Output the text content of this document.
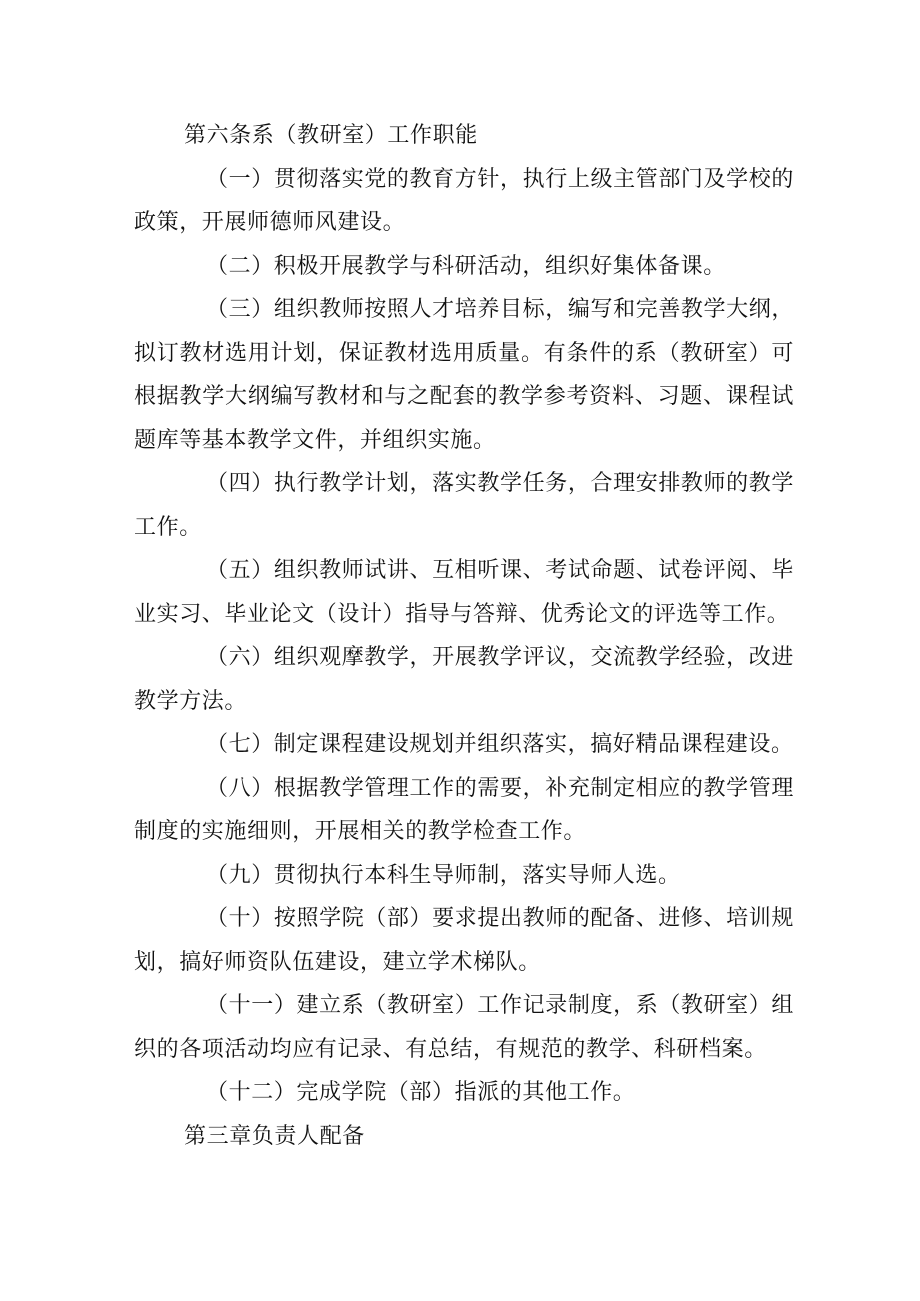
第六条系（教研室）工作职能

（一）贯彻落实党的教育方针，执行上级主管部门及学校的政策，开展师德师风建设。

（二）积极开展教学与科研活动，组织好集体备课。

（三）组织教师按照人才培养目标，编写和完善教学大纲，拟订教材选用计划，保证教材选用质量。有条件的系（教研室）可根据教学大纲编写教材和与之配套的教学参考资料、习题、课程试题库等基本教学文件，并组织实施。

（四）执行教学计划，落实教学任务，合理安排教师的教学工作。

（五）组织教师试讲、互相听课、考试命题、试卷评阅、毕业实习、毕业论文（设计）指导与答辩、优秀论文的评选等工作。

（六）组织观摩教学，开展教学评议，交流教学经验，改进教学方法。

（七）制定课程建设规划并组织落实，搞好精品课程建设。

（八）根据教学管理工作的需要，补充制定相应的教学管理制度的实施细则，开展相关的教学检查工作。

（九）贯彻执行本科生导师制，落实导师人选。

（十）按照学院（部）要求提出教师的配备、进修、培训规划，搞好师资队伍建设，建立学术梯队。

（十一）建立系（教研室）工作记录制度，系（教研室）组织的各项活动均应有记录、有总结，有规范的教学、科研档案。

（十二）完成学院（部）指派的其他工作。

第三章负责人配备
